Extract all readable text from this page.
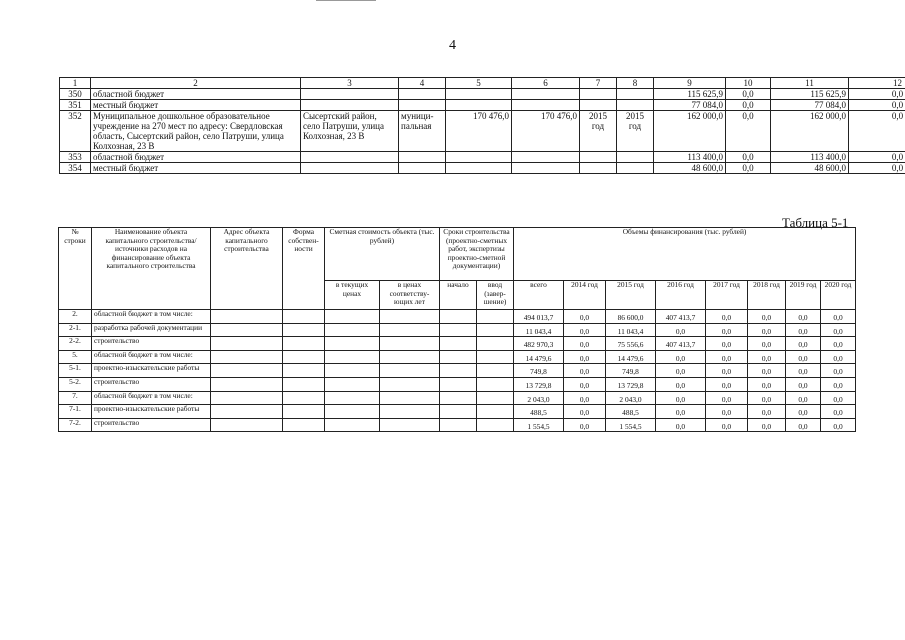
4
1	2	3	4	5	6	7	8	9	10	11	12
350	областной бюджет							115 625,9	0,0	115 625,9	0,0
351	местный бюджет							77 084,0	0,0	77 084,0	0,0
352	Муниципальное дошкольное образовательное учреждение на 270 мест по адресу: Свердловская область, Сысертский район, село Патруши, улица Колхозная, 23 В	Сысертский район, село Патруши, улица Колхозная, 23 В	муници-пальная	170 476,0	170 476,0	2015 год	2015 год	162 000,0	0,0	162 000,0	0,0
353	областной бюджет							113 400,0	0,0	113 400,0	0,0
354	местный бюджет							48 600,0	0,0	48 600,0	0,0
Таблица 5-1
№ строки	Наименование объекта капитального строительства/ источники расходов на финансирование объекта капитального строительства	Адрес объекта капитального строительства	Форма собствен-ности	Сметная стоимость объекта (тыс. рублей)		Сроки строительства (проектно-сметных работ, экспертизы проектно-сметной документации)		Объемы финансирования (тыс. рублей)							
				в текущих ценах	в ценах соответству-ющих лет	начало	ввод (завер-шение)	всего	2014 год	2015 год	2016 год	2017 год	2018 год	2019 год	2020 год
2.	областной бюджет в том числе:							494 013,7	0,0	86 600,0	407 413,7	0,0	0,0	0,0	0,0
2-1.	разработка рабочей документации							11 043,4	0,0	11 043,4	0,0	0,0	0,0	0,0	0,0
2-2.	строительство							482 970,3	0,0	75 556,6	407 413,7	0,0	0,0	0,0	0,0
5.	областной бюджет в том числе:							14 479,6	0,0	14 479,6	0,0	0,0	0,0	0,0	0,0
5-1.	проектно-изыскательские работы							749,8	0,0	749,8	0,0	0,0	0,0	0,0	0,0
5-2.	строительство							13 729,8	0,0	13 729,8	0,0	0,0	0,0	0,0	0,0
7.	областной бюджет в том числе:							2 043,0	0,0	2 043,0	0,0	0,0	0,0	0,0	0,0
7-1.	проектно-изыскательские работы							488,5	0,0	488,5	0,0	0,0	0,0	0,0	0,0
7-2.	строительство							1 554,5	0,0	1 554,5	0,0	0,0	0,0	0,0	0,0
